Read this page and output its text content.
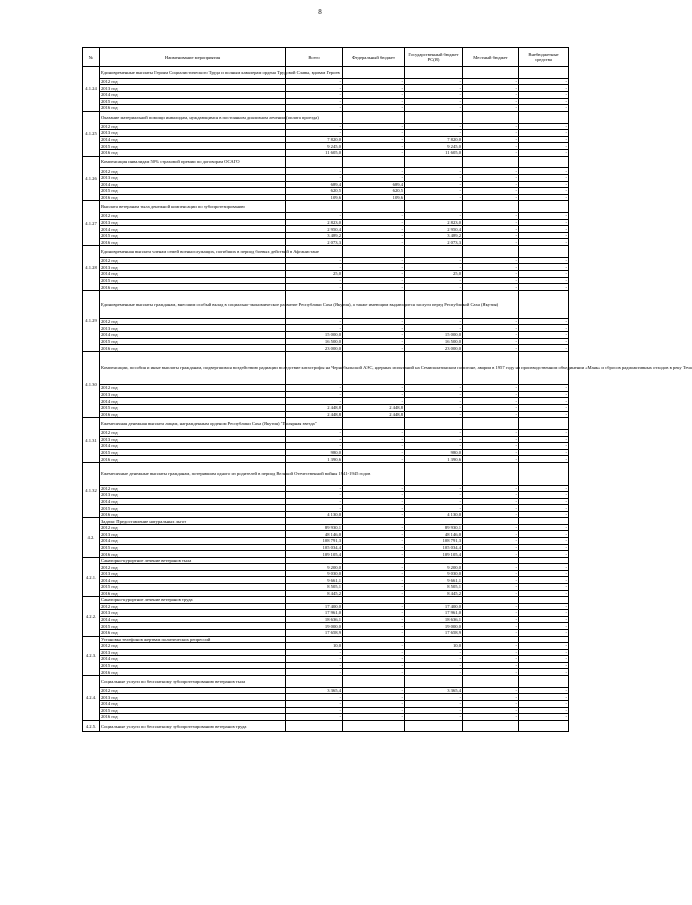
8
№	Наименование мероприятия	Всего	Федеральный бюджет	Государственный бюджет РС(Я)	Местный бюджет	Внебюджетные средства
4.1.24	Единовременные выплаты Героям Социалистического Труда и полным кавалерам ордена Трудовой Славы, вдовам Героев					
	2012 год	-	-	-	-	-
	2013 год	-	-	-	-	-
	2014 год	-	-	-	-	-
	2015 год	-	-	-	-	-
	2016 год	-	-	-	-	-
4.1.25	Оказание материальной помощи инвалидам, нуждающимся в постоянном диализном лечении (оплата проезда)					
	2012 год	-	-	-	-	-
	2013 год	-	-	-	-	-
	2014 год	7 820,0	-	7 820,0	-	-
	2015 год	9 245,0	-	9 245,0	-	-
	2016 год	11 605,0	-	11 605,0	-	-
4.1.26	Компенсация инвалидам 50% страховой премии по договорам ОСАГО					
	2012 год	-	-	-	-	-
	2013 год	-	-	-	-	-
	2014 год	689,4	689,4	-	-	-
	2015 год	620,5	620,5	-	-	-
	2016 год	109,6	109,6	-	-	-
4.1.27	Выплата ветеранам тыла денежной компенсации по зубопротезированию					
	2012 год	-	-	-	-	-
	2013 год	2 823,0	-	2 823,0	-	-
	2014 год	2 950,4	-	2 950,4	-	-
	2015 год	3 489,2	-	3 489,2	-	-
	2016 год	2 073,3	-	2 073,3	-	-
4.1.28	Единовременная выплата членам семей военнослужащих, погибших в период боевых действий в Афганистане					
	2012 год	-	-	-	-	-
	2013 год	-	-	-	-	-
	2014 год	25,0	-	25,0	-	-
	2015 год	-	-	-	-	-
	2016 год	-	-	-	-	-
4.1.29	Единовременные выплаты гражданам, внесшим особый вклад в социально-экономическое развитие Республики Саха (Якутия), а также имеющим выдающиеся заслуги перед Республикой Саха (Якутия)					
	2012 год	-	-	-	-	-
	2013 год	-	-	-	-	-
	2014 год	15 000,0	-	15 000,0	-	-
	2015 год	16 500,0	-	16 500,0	-	-
	2016 год	23 000,0	-	23 000,0	-	-
4.1.30	Компенсации, пособия и иные выплаты гражданам, подвергшимся воздействию радиации вследствие катастрофы на Чернобыльской АЭС, ядерных испытаний на Семипалатинском полигоне, аварии в 1957 году на производственном объединении «Маяк» и сбросов радиоактивных отходов в реку Теча					
	2012 год	-	-	-	-	-
	2013 год	-	-	-	-	-
	2014 год	-	-	-	-	-
	2015 год	2 448,8	2 448,8	-	-	-
	2016 год	2 448,8	2 448,8	-	-	-
4.1.31	Ежемесячная денежная выплата лицам, награжденным орденом Республики Саха (Якутия) "Полярная звезда"					
	2012 год	-	-	-	-	-
	2013 год	-	-	-	-	-
	2014 год	-	-	-	-	-
	2015 год	980,0	-	980,0	-	-
	2016 год	1 390,6	-	1 390,6	-	-
4.1.32	Ежемесячные денежные выплаты гражданам, потерявшим одного из родителей в период Великой Отечественной войны 1941-1945 годов					
	2012 год	-	-	-	-	-
	2013 год	-	-	-	-	-
	2014 год	-	-	-	-	-
	2015 год	-	-	-	-	-
	2016 год	4 130,0	-	4 130,0	-	-
4.2.	Задача: Предоставление натуральных льгот					
	2012 год	89 930,1	-	89 930,1	-	-
	2013 год	48 146,0	-	48 146,0	-	-
	2014 год	108 791,3	-	108 791,3	-	-
	2015 год	105 034,4	-	105 034,4	-	-
	2016 год	109 105,4	-	109 105,4	-	-
4.2.1.	Санаторно-курортное лечение ветеранов тыла					
	2012 год	9 200,0	-	9 200,0	-	-
	2013 год	9 030,0	-	9 030,0	-	-
	2014 год	9 661,1	-	9 661,1	-	-
	2015 год	8 505,1	-	8 505,1	-	-
	2016 год	8 445,2	-	8 445,2	-	-
4.2.2.	Санаторно-курортное лечение ветеранов труда					
	2012 год	17 400,0	-	17 400,0	-	-
	2013 год	17 961,0	-	17 961,0	-	-
	2014 год	18 636,1	-	18 636,1	-	-
	2015 год	19 000,0	-	19 000,0	-	-
	2016 год	17 658,9	-	17 658,9	-	-
4.2.3.	Установка телефонов жертвам политических репрессий					
	2012 год	10,0	-	10,0	-	-
	2013 год	-	-	-	-	-
	2014 год	-	-	-	-	-
	2015 год	-	-	-	-	-
	2016 год	-	-	-	-	-
4.2.4.	Социальные услуги по бесплатному зубопротезированию ветеранов тыла					
	2012 год	3 365,4	-	3 365,4	-	-
	2013 год	-	-	-	-	-
	2014 год	-	-	-	-	-
	2015 год	-	-	-	-	-
	2016 год	-	-	-	-	-
4.2.5.	Социальные услуги по бесплатному зубопротезированию ветеранов труда					
